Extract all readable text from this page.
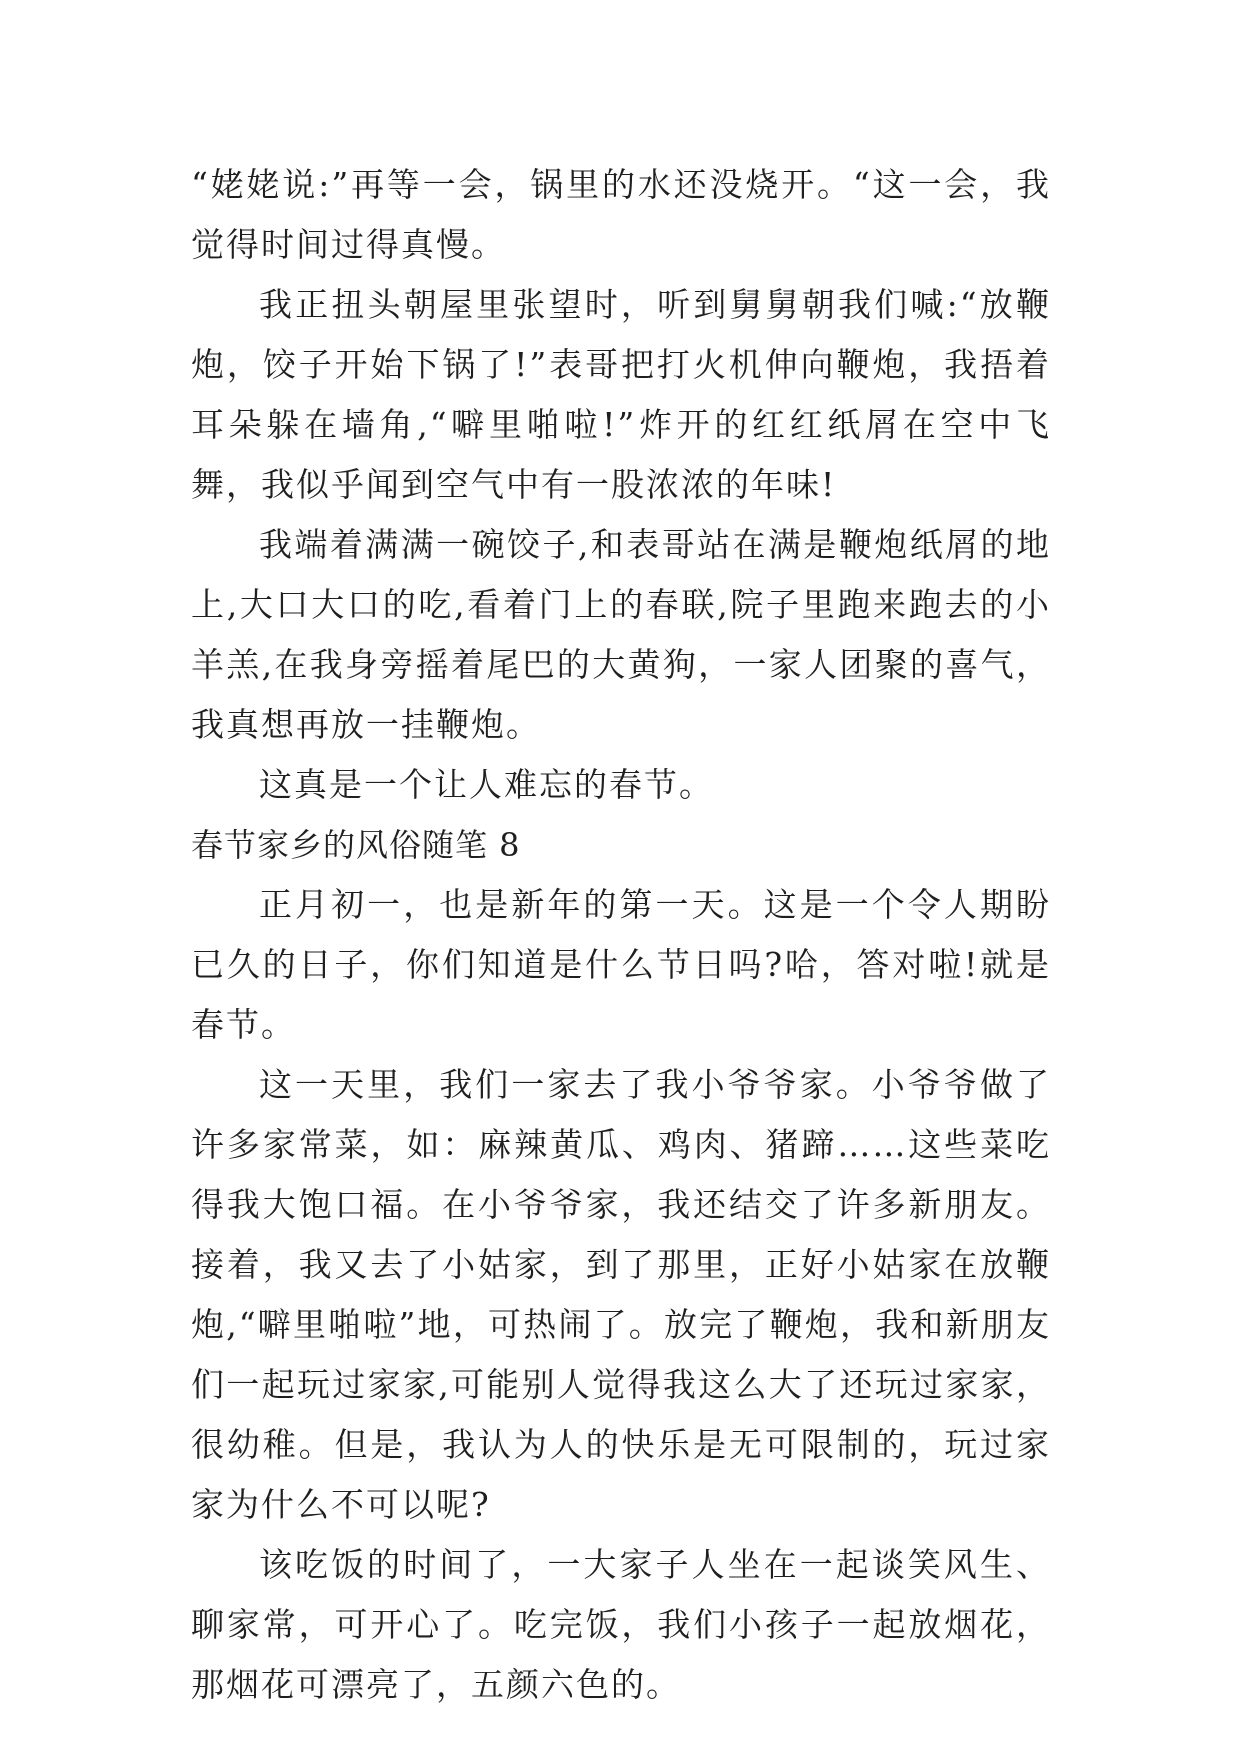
“姥姥说:”再等一会，锅里的水还没烧开。“这一会，我觉得时间过得真慢。

我正扭头朝屋里张望时，听到舅舅朝我们喊:“放鞭炮，饺子开始下锅了!”表哥把打火机伸向鞭炮，我捂着耳朵躲在墙角,“噼里啪啦!”炸开的红红纸屑在空中飞舞，我似乎闻到空气中有一股浓浓的年味!

我端着满满一碗饺子,和表哥站在满是鞭炮纸屑的地上,大口大口的吃,看着门上的春联,院子里跑来跑去的小羊羔,在我身旁摇着尾巴的大黄狗，一家人团聚的喜气，我真想再放一挂鞭炮。

这真是一个让人难忘的春节。

春节家乡的风俗随笔 8

正月初一，也是新年的第一天。这是一个令人期盼已久的日子，你们知道是什么节日吗?哈，答对啦!就是春节。

这一天里，我们一家去了我小爷爷家。小爷爷做了许多家常菜，如：麻辣黄瓜、鸡肉、猪蹄……这些菜吃得我大饱口福。在小爷爷家，我还结交了许多新朋友。接着，我又去了小姑家，到了那里，正好小姑家在放鞭炮,“噼里啪啦”地，可热闹了。放完了鞭炮，我和新朋友们一起玩过家家,可能别人觉得我这么大了还玩过家家，很幼稚。但是，我认为人的快乐是无可限制的，玩过家家为什么不可以呢?

该吃饭的时间了，一大家子人坐在一起谈笑风生、聊家常，可开心了。吃完饭，我们小孩子一起放烟花，那烟花可漂亮了，五颜六色的。
